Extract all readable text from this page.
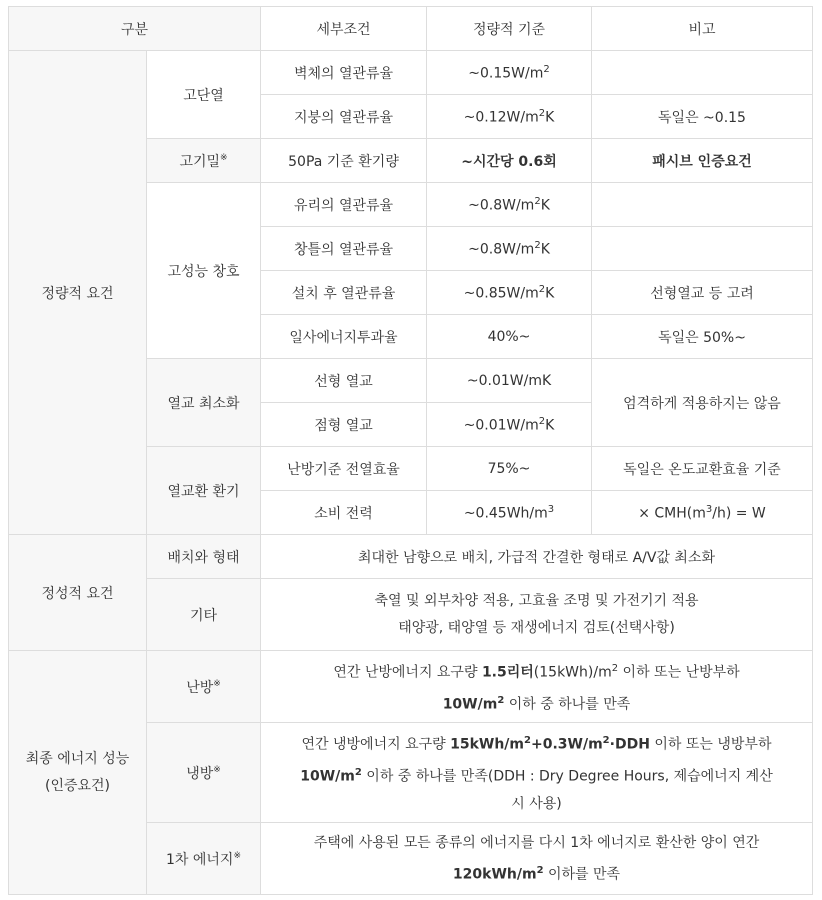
구분		세부조건	정량적 기준	비고
정량적 요건	고단열	벽체의 열관류율	$\sim 0.15W/m^2$	
		지붕의 열관류율	$\sim 0.12W/m^2K$	독일은 ~0.15
	고기밀※	50Pa 기준 환기량	~시간당 0.6회	패시브 인증요건
	고성능 창호	유리의 열관류율	$\sim 0.8W/m^2K$	
		창틀의 열관류율	$\sim 0.8W/m^2K$	
		설치 후 열관류율	$\sim 0.85W/m^2K$	선형열교 등 고려
		일사에너지투과율	40%~	독일은 50%~
	열교 최소화	선형 열교	~0.01W/mK	엄격하게 적용하지는 않음
		점형 열교	$\sim 0.01W/m^2K$	
	열교환 환기	난방기준 전열효율	75%~	독일은 온도교환효율 기준
		소비 전력	$\sim 0.45Wh/m^3$	× $CMH(m^3/h) = W$
정성적 요건	배치와 형태	최대한 남향으로 배치, 가급적 간결한 형태로 A/V값 최소화		
	기타	축열 및 외부차양 적용, 고효율 조명 및 가전기기 적용
태양광, 태양열 등 재생에너지 검토(선택사항)		
최종 에너지 성능
(인증요건)	난방※	연간 난방에너지 요구량 1.5리터$(15kWh)/m^2$ 이하 또는 난방부하
$10W/m^2$ 이하 중 하나를 만족		
	냉방※	연간 냉방에너지 요구량 $15kWh/m^2+0.3W/m^2\cdot DDH$ 이하 또는 냉방부하
$10W/m^2$ 이하 중 하나를 만족(DDH : Dry Degree Hours, 제습에너지 계산
시 사용)		
	1차 에너지※	주택에 사용된 모든 종류의 에너지를 다시 1차 에너지로 환산한 양이 연간
$120kWh/m^2$ 이하를 만족		
